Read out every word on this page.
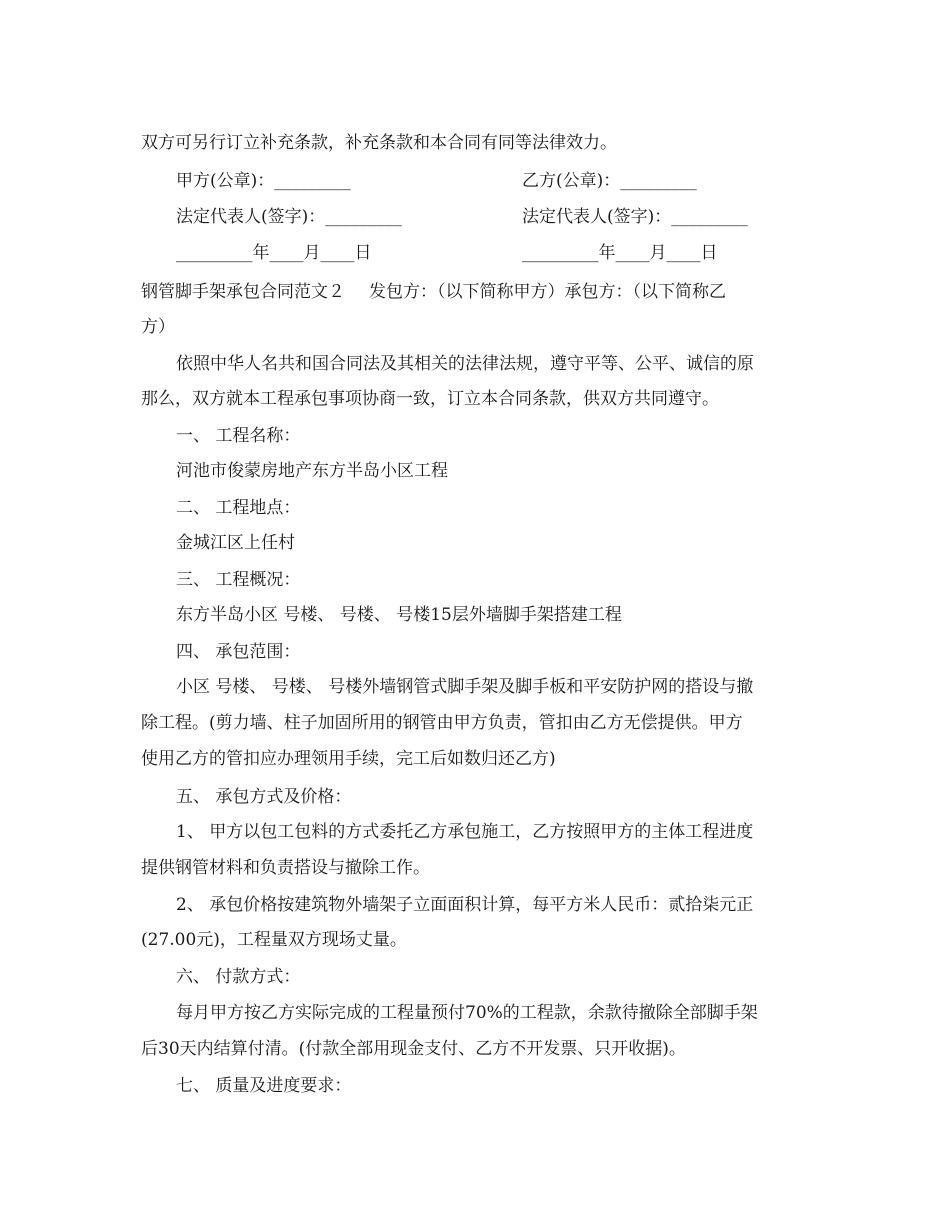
双方可另行订立补充条款，补充条款和本合同有同等法律效力。
甲方(公章)：_________	乙方(公章)：_________
法定代表人(签字)：_________	法定代表人(签字)：_________
_________年____月____日	_________年____月____日
钢管脚手架承包合同范文２ 发包方：（以下简称甲方）承包方：（以下简称乙
方）
依照中华人名共和国合同法及其相关的法律法规，遵守平等、公平、诚信的原
那么，双方就本工程承包事项协商一致，订立本合同条款，供双方共同遵守。
一、 工程名称：
河池市俊蒙房地产东方半岛小区工程
二、 工程地点：
金城江区上任村
三、 工程概况：
东方半岛小区 号楼、 号楼、 号楼15层外墙脚手架搭建工程
四、 承包范围：
小区 号楼、 号楼、 号楼外墙钢管式脚手架及脚手板和平安防护网的搭设与撤
除工程。(剪力墙、柱子加固所用的钢管由甲方负责，管扣由乙方无偿提供。甲方
使用乙方的管扣应办理领用手续，完工后如数归还乙方)
五、 承包方式及价格：
1、 甲方以包工包料的方式委托乙方承包施工，乙方按照甲方的主体工程进度
提供钢管材料和负责搭设与撤除工作。
2、 承包价格按建筑物外墙架子立面面积计算，每平方米人民币：贰拾柒元正
(27.00元)，工程量双方现场丈量。
六、 付款方式：
每月甲方按乙方实际完成的工程量预付70%的工程款，余款待撤除全部脚手架
后30天内结算付清。(付款全部用现金支付、乙方不开发票、只开收据)。
七、 质量及进度要求：
